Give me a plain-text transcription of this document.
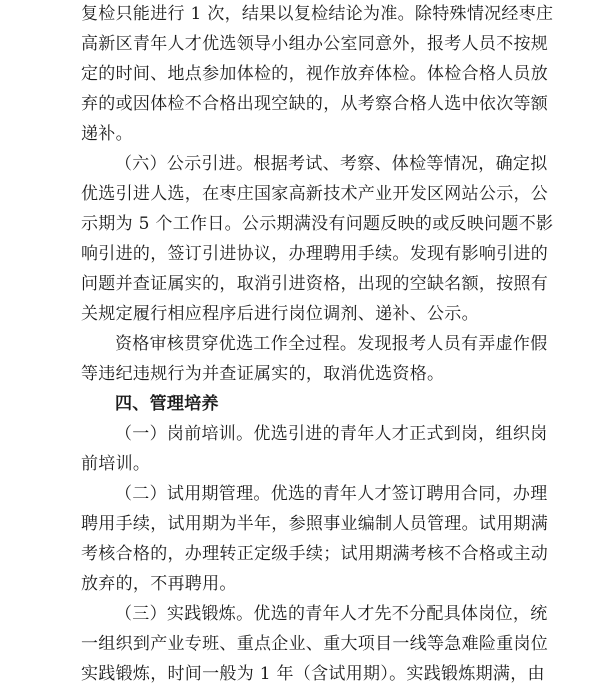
复检只能进行 1 次，结果以复检结论为准。除特殊情况经枣庄
高新区青年人才优选领导小组办公室同意外，报考人员不按规
定的时间、地点参加体检的，视作放弃体检。体检合格人员放
弃的或因体检不合格出现空缺的，从考察合格人选中依次等额
递补。
（六）公示引进。根据考试、考察、体检等情况，确定拟
优选引进人选，在枣庄国家高新技术产业开发区网站公示，公
示期为 5 个工作日。公示期满没有问题反映的或反映问题不影
响引进的，签订引进协议，办理聘用手续。发现有影响引进的
问题并查证属实的，取消引进资格，出现的空缺名额，按照有
关规定履行相应程序后进行岗位调剂、递补、公示。
资格审核贯穿优选工作全过程。发现报考人员有弄虚作假
等违纪违规行为并查证属实的，取消优选资格。
四、管理培养
（一）岗前培训。优选引进的青年人才正式到岗，组织岗
前培训。
（二）试用期管理。优选的青年人才签订聘用合同，办理
聘用手续，试用期为半年，参照事业编制人员管理。试用期满
考核合格的，办理转正定级手续；试用期满考核不合格或主动
放弃的，不再聘用。
（三）实践锻炼。优选的青年人才先不分配具体岗位，统
一组织到产业专班、重点企业、重大项目一线等急难险重岗位
实践锻炼，时间一般为 1 年（含试用期）。实践锻炼期满，由
